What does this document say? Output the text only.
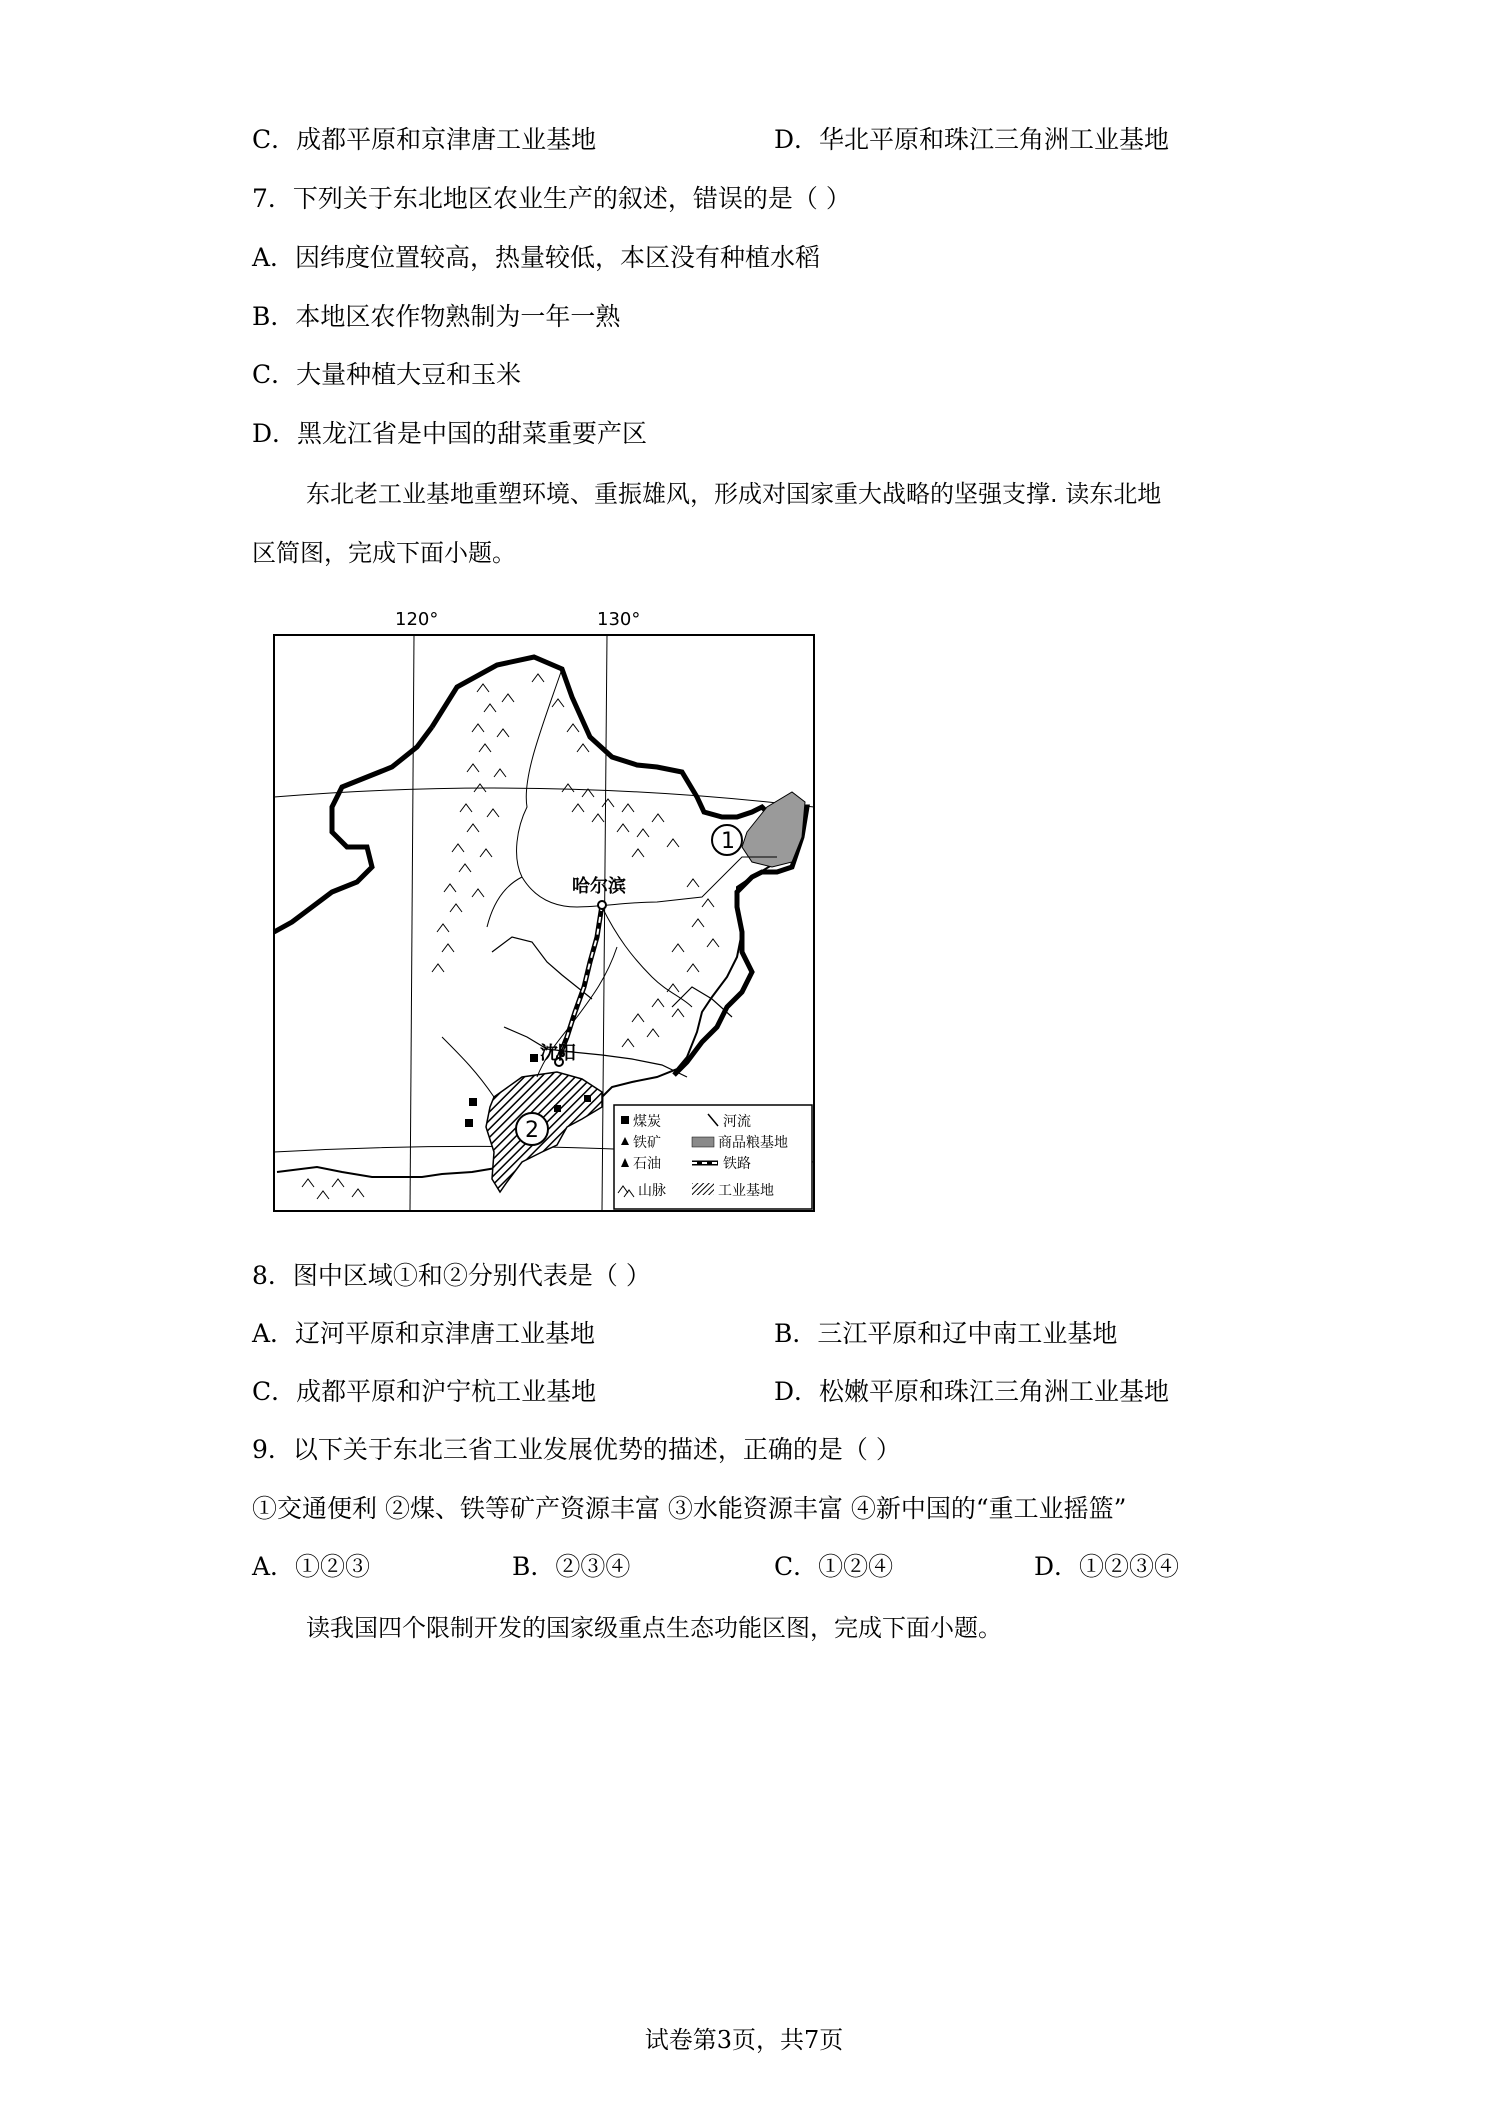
C．成都平原和京津唐工业基地	D．华北平原和珠江三角洲工业基地
7．下列关于东北地区农业生产的叙述，错误的是（ ）
A．因纬度位置较高，热量较低，本区没有种植水稻
B．本地区农作物熟制为一年一熟
C．大量种植大豆和玉米
D．黑龙江省是中国的甜菜重要产区
东北老工业基地重塑环境、重振雄风，形成对国家重大战略的坚强支撑. 读东北地
区简图，完成下面小题。
120°	130°
1
2
哈尔滨
沈阳
煤炭	河流
铁矿	商品粮基地
石油	铁路
山脉	工业基地
8．图中区域①和②分别代表是（ ）
A．辽河平原和京津唐工业基地	B．三江平原和辽中南工业基地
C．成都平原和沪宁杭工业基地	D．松嫩平原和珠江三角洲工业基地
9．以下关于东北三省工业发展优势的描述，正确的是（ ）
①交通便利 ②煤、铁等矿产资源丰富 ③水能资源丰富 ④新中国的“重工业摇篮”
A．①②③	B．②③④	C．①②④	D．①②③④
读我国四个限制开发的国家级重点生态功能区图，完成下面小题。
试卷第3页，共7页
